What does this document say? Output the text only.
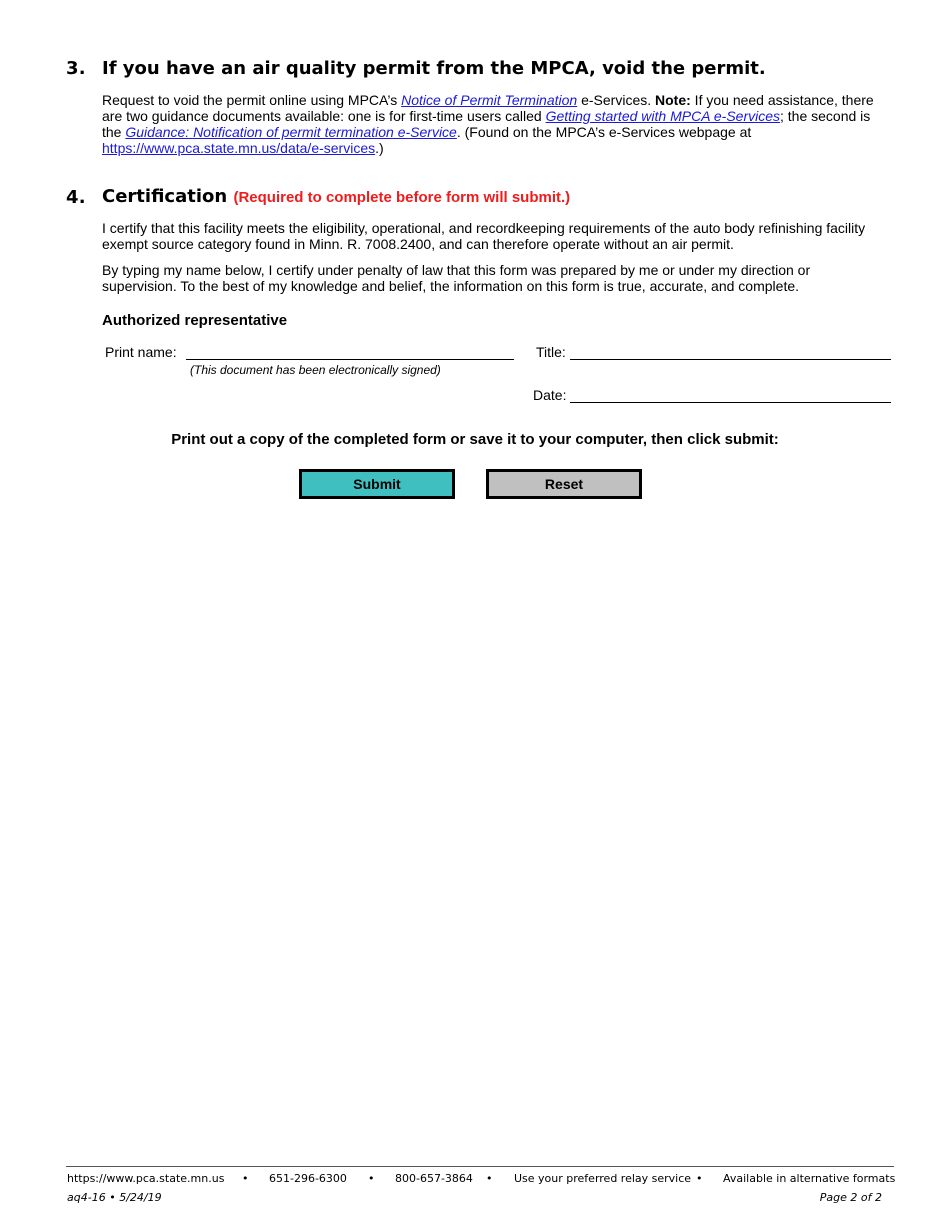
3. If you have an air quality permit from the MPCA, void the permit.
Request to void the permit online using MPCA’s Notice of Permit Termination e-Services. Note: If you need assistance, there are two guidance documents available: one is for first-time users called Getting started with MPCA e-Services; the second is the Guidance: Notification of permit termination e-Service. (Found on the MPCA’s e-Services webpage at https://www.pca.state.mn.us/data/e-services.)
4. Certification (Required to complete before form will submit.)
I certify that this facility meets the eligibility, operational, and recordkeeping requirements of the auto body refinishing facility exempt source category found in Minn. R. 7008.2400, and can therefore operate without an air permit.
By typing my name below, I certify under penalty of law that this form was prepared by me or under my direction or supervision. To the best of my knowledge and belief, the information on this form is true, accurate, and complete.
Authorized representative
Print name:
(This document has been electronically signed)
Title:
Date:
Print out a copy of the completed form or save it to your computer, then click submit:
Submit	Reset
https://www.pca.state.mn.us • 651-296-6300 • 800-657-3864 • Use your preferred relay service • Available in alternative formats
aq4-16 • 5/24/19	Page 2 of 2
